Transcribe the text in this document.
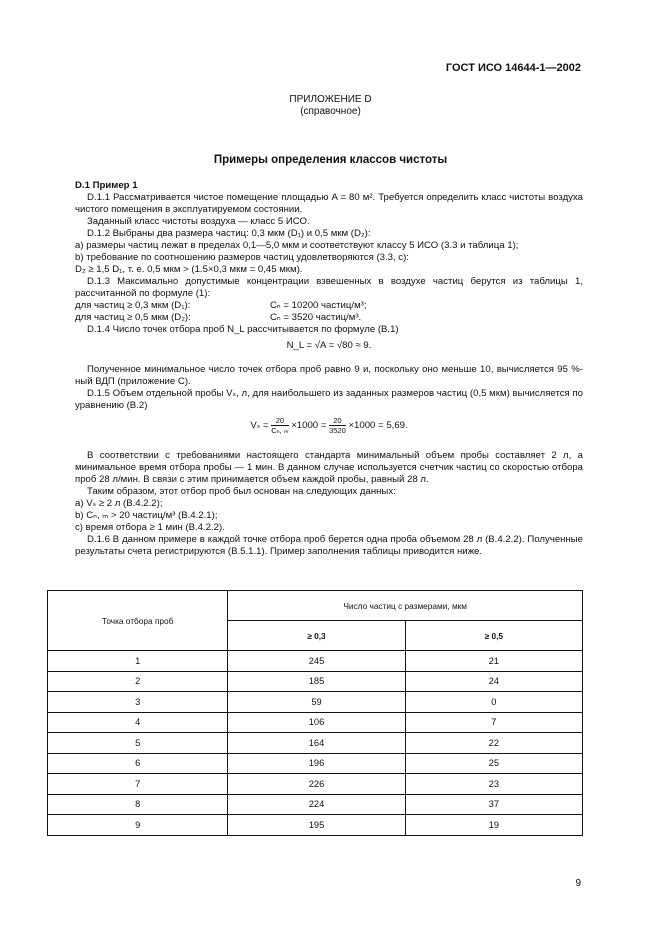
ГОСТ ИСО 14644-1—2002
ПРИЛОЖЕНИЕ D
(справочное)
Примеры определения классов чистоты

D.1 Пример 1

D.1.1 Рассматривается чистое помещение площадью A = 80 м². Требуется определить класс чистоты воздуха чистого помещения в эксплуатируемом состоянии.

Заданный класс чистоты воздуха — класс 5 ИСО.

D.1.2 Выбраны два размера частиц: 0,3 мкм (D₁) и 0,5 мкм (D₂):

a) размеры частиц лежат в пределах 0,1—5,0 мкм и соответствуют классу 5 ИСО (3.3 и таблица 1);

b) требование по соотношению размеров частиц удовлетворяются (3.3, c):

D₂ ≥ 1,5 D₁, т. е. 0,5 мкм > (1.5×0,3 мкм = 0,45 мкм).

D.1.3 Максимально допустимые концентрации взвешенных в воздухе частиц берутся из таблицы 1, рассчитанной по формуле (1):

для частиц ≥ 0,3 мкм (D₁):	Cₙ = 10200 частиц/м³;
для частиц ≥ 0,5 мкм (D₂):	Cₙ = 3520 частиц/м³.

D.1.4 Число точек отбора проб N_L рассчитывается по формуле (B.1)

N_L = √A = √80 ≈ 9.

Полученное минимальное число точек отбора проб равно 9 и, поскольку оно меньше 10, вычисляется 95 %-ный ВДП (приложение C).

D.1.5 Объем отдельной пробы Vₛ, л, для наибольшего из заданных размеров частиц (0,5 мкм) вычисляется по уравнению (B.2)

$V_s = \frac{20}{\text{Cₙ, ₘ}} \times 1000 = \frac{20}{3520} \times 1000 = 5,69$.

В соответствии с требованиями настоящего стандарта минимальный объем пробы составляет 2 л, а минимальное время отбора пробы — 1 мин. В данном случае используется счетчик частиц со скоростью отбора проб 28 л/мин. В связи с этим принимается объем каждой пробы, равный 28 л.

Таким образом, этот отбор проб был основан на следующих данных:

a) Vₛ ≥ 2 л (B.4.2.2);

b) Cₙ, ₘ > 20 частиц/м³ (B.4.2.1);

c) время отбора ≥ 1 мин (B.4.2.2).

D.1.6 В данном примере в каждой точке отбора проб берется одна проба объемом 28 л (B.4.2.2). Полученные результаты счета регистрируются (B.5.1.1). Пример заполнения таблицы приводится ниже.

Точка отбора проб	Число частиц с размерами, мкм	
	≥ 0,3	≥ 0,5
1	245	21
2	185	24
3	59	0
4	106	7
5	164	22
6	196	25
7	226	23
8	224	37
9	195	19
9
